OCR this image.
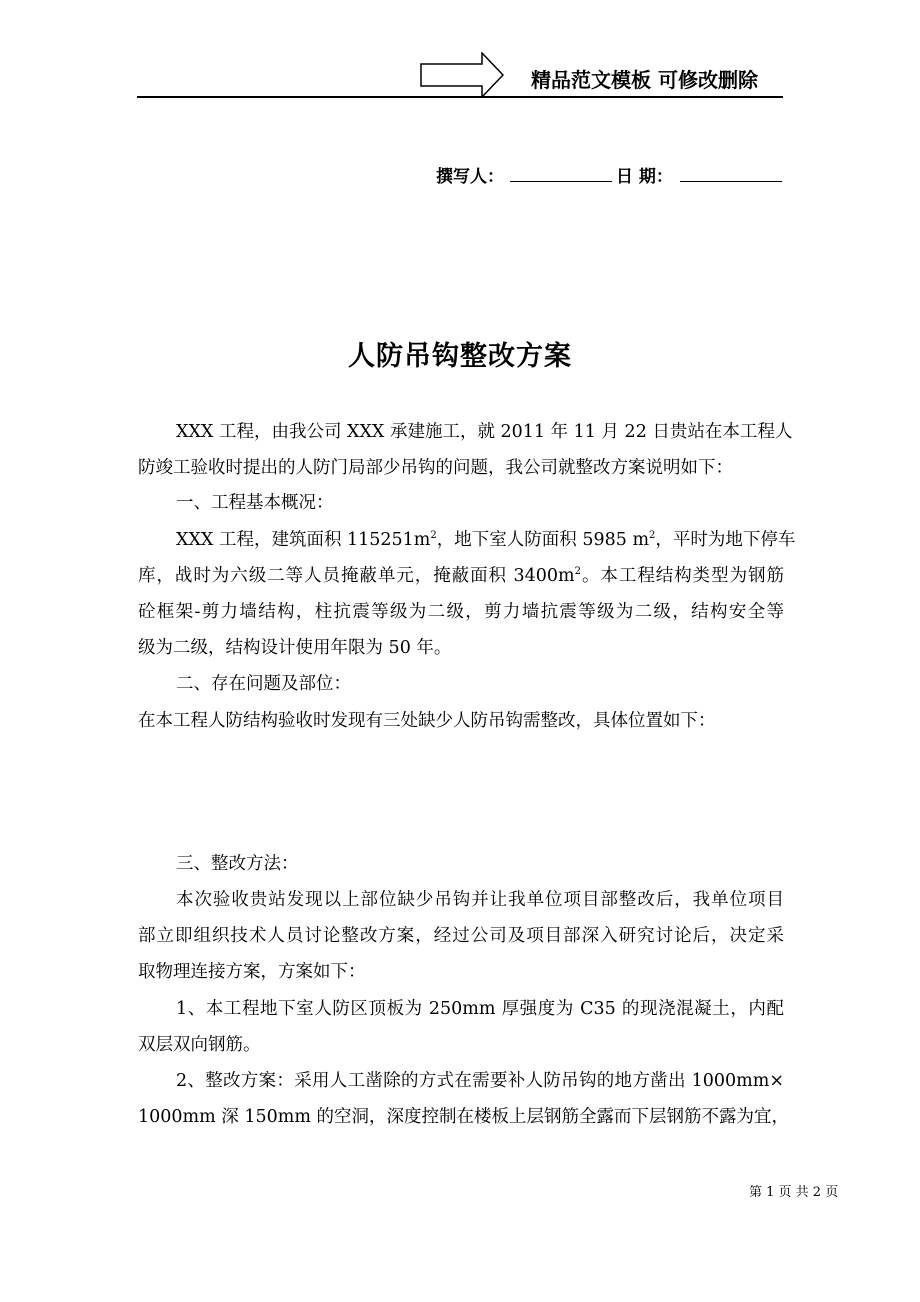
精品范文模板 可修改删除
撰写人：	日 期：
人防吊钩整改方案
XXX 工程，由我公司 XXX 承建施工，就 2011 年 11 月 22 日贵站在本工程人
防竣工验收时提出的人防门局部少吊钩的问题，我公司就整改方案说明如下：
一、工程基本概况：
XXX 工程，建筑面积 $115251m^2$，地下室人防面积 5985 $m^2$，平时为地下停车
库，战时为六级二等人员掩蔽单元，掩蔽面积 $3400m^2$。本工程结构类型为钢筋
砼框架-剪力墙结构，柱抗震等级为二级，剪力墙抗震等级为二级，结构安全等
级为二级，结构设计使用年限为 50 年。
二、存在问题及部位：
在本工程人防结构验收时发现有三处缺少人防吊钩需整改，具体位置如下：
三、整改方法：
本次验收贵站发现以上部位缺少吊钩并让我单位项目部整改后，我单位项目
部立即组织技术人员讨论整改方案，经过公司及项目部深入研究讨论后，决定采
取物理连接方案，方案如下：
1、本工程地下室人防区顶板为 250mm 厚强度为 C35 的现浇混凝土，内配
双层双向钢筋。
2、整改方案：采用人工凿除的方式在需要补人防吊钩的地方凿出 1000mm×
1000mm 深 150mm 的空洞，深度控制在楼板上层钢筋全露而下层钢筋不露为宜，
第 1 页 共 2 页
